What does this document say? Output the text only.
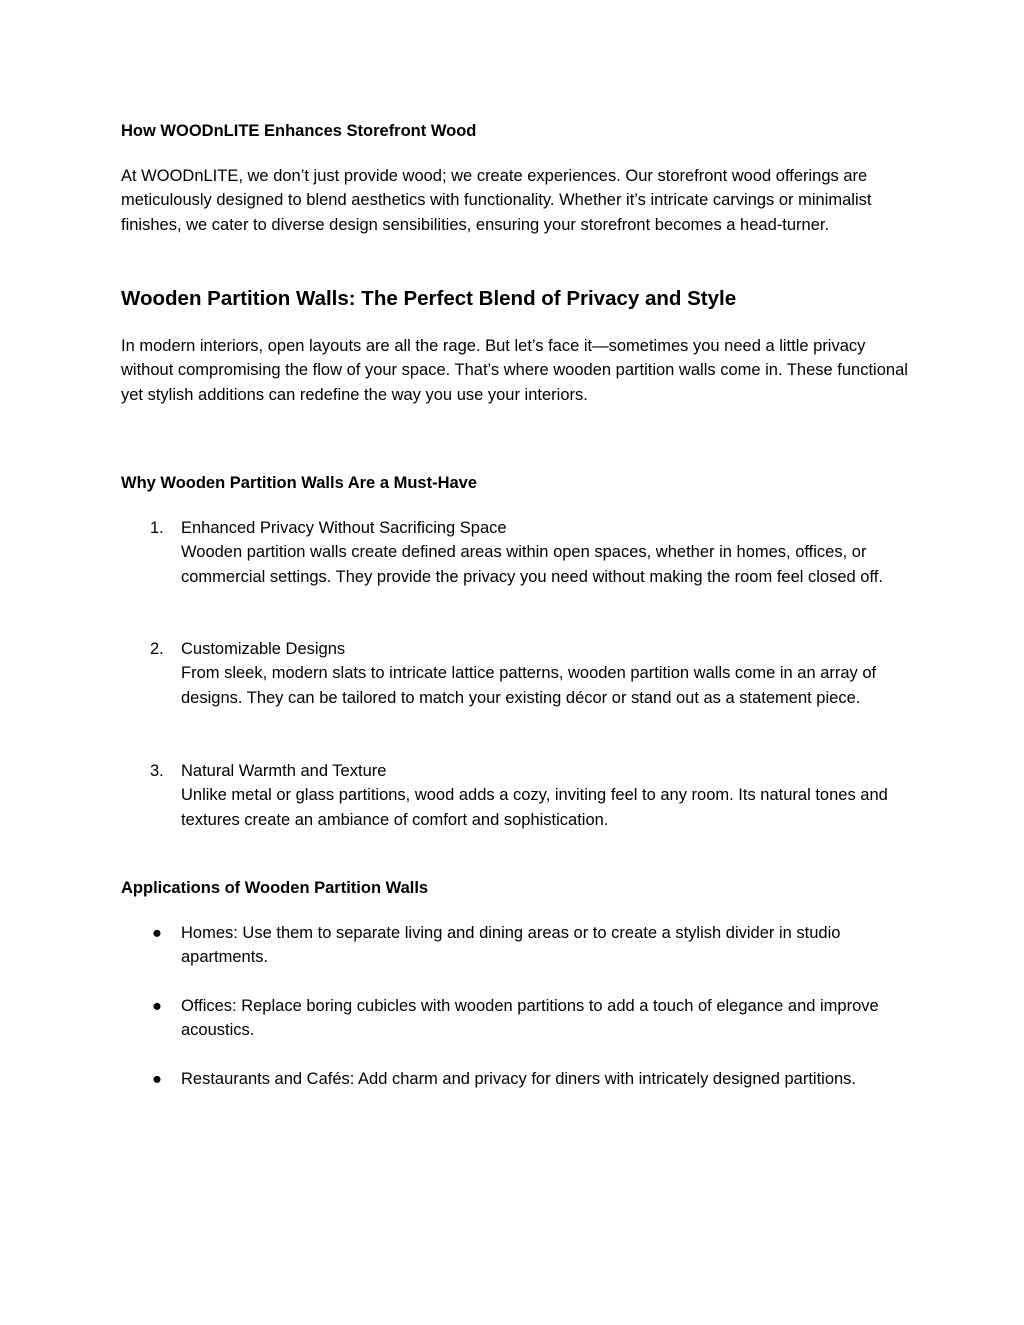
How WOODnLITE Enhances Storefront Wood

At WOODnLITE, we don’t just provide wood; we create experiences. Our storefront wood offerings are meticulously designed to blend aesthetics with functionality. Whether it’s intricate carvings or minimalist finishes, we cater to diverse design sensibilities, ensuring your storefront becomes a head-turner.

Wooden Partition Walls: The Perfect Blend of Privacy and Style

In modern interiors, open layouts are all the rage. But let’s face it—sometimes you need a little privacy without compromising the flow of your space. That’s where wooden partition walls come in. These functional yet stylish additions can redefine the way you use your interiors.

Why Wooden Partition Walls Are a Must-Have
1. Enhanced Privacy Without Sacrificing Space
Wooden partition walls create defined areas within open spaces, whether in homes, offices, or commercial settings. They provide the privacy you need without making the room feel closed off.
2. Customizable Designs
From sleek, modern slats to intricate lattice patterns, wooden partition walls come in an array of designs. They can be tailored to match your existing décor or stand out as a statement piece.
3. Natural Warmth and Texture
Unlike metal or glass partitions, wood adds a cozy, inviting feel to any room. Its natural tones and textures create an ambiance of comfort and sophistication.
Applications of Wooden Partition Walls
● Homes: Use them to separate living and dining areas or to create a stylish divider in studio apartments.
● Offices: Replace boring cubicles with wooden partitions to add a touch of elegance and improve acoustics.
● Restaurants and Cafés: Add charm and privacy for diners with intricately designed partitions.
